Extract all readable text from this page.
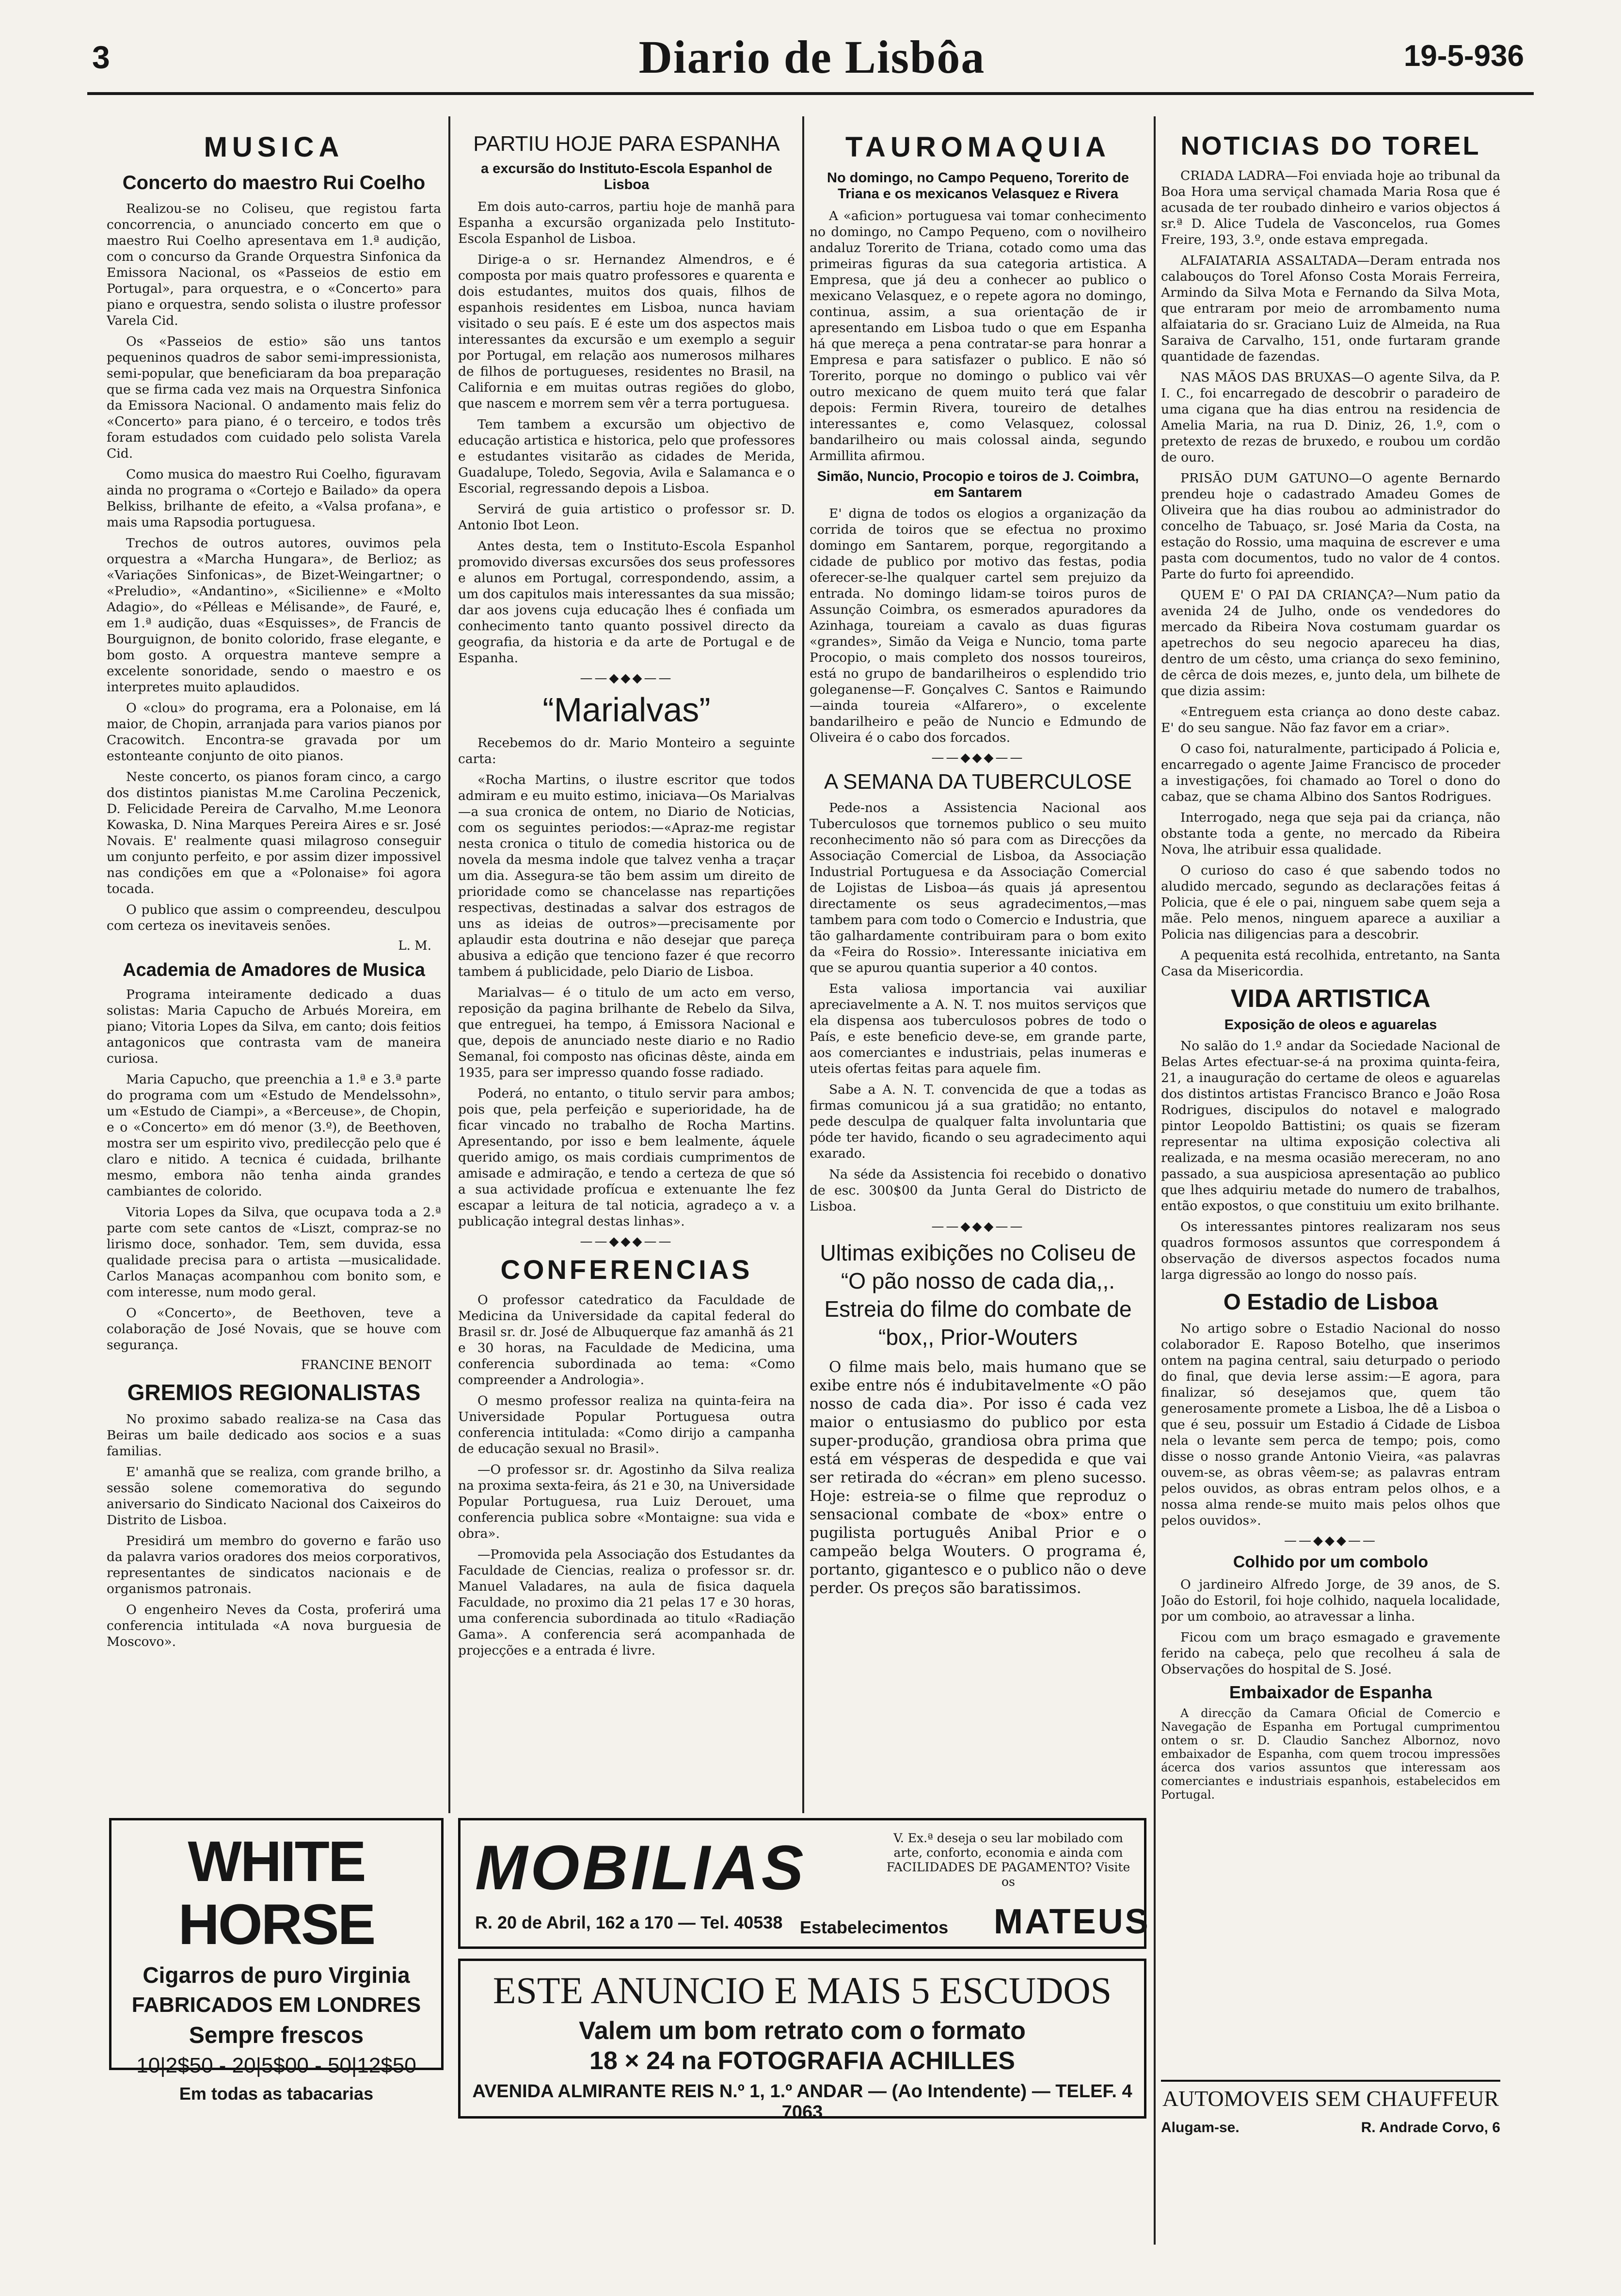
3	Diario de Lisbôa	19-5-936
MUSICA
Concerto do maestro Rui Coelho

Realizou-se no Coliseu, que registou farta concorrencia, o anunciado concerto em que o maestro Rui Coelho apresentava em 1.ª audição, com o concurso da Grande Orquestra Sinfonica da Emissora Nacional, os «Passeios de estio em Portugal», para orquestra, e o «Concerto» para piano e orquestra, sendo solista o ilustre professor Varela Cid.

Os «Passeios de estio» são uns tantos pequeninos quadros de sabor semi-impressionista, semi-popular, que beneficiaram da boa preparação que se firma cada vez mais na Orquestra Sinfonica da Emissora Nacional. O andamento mais feliz do «Concerto» para piano, é o terceiro, e todos três foram estudados com cuidado pelo solista Varela Cid.

Como musica do maestro Rui Coelho, figuravam ainda no programa o «Cortejo e Bailado» da opera Belkiss, brilhante de efeito, a «Valsa profana», e mais uma Rapsodia portuguesa.

Trechos de outros autores, ouvimos pela orquestra a «Marcha Hungara», de Berlioz; as «Variações Sinfonicas», de Bizet-Weingartner; o «Preludio», «Andantino», «Sicilienne» e «Molto Adagio», do «Pélleas e Mélisande», de Fauré, e, em 1.ª audição, duas «Esquisses», de Francis de Bourguignon, de bonito colorido, frase elegante, e bom gosto. A orquestra manteve sempre a excelente sonoridade, sendo o maestro e os interpretes muito aplaudidos.

O «clou» do programa, era a Polonaise, em lá maior, de Chopin, arranjada para varios pianos por Cracowitch. Encontra-se gravada por um estonteante conjunto de oito pianos.

Neste concerto, os pianos foram cinco, a cargo dos distintos pianistas M.me Carolina Peczenick, D. Felicidade Pereira de Carvalho, M.me Leonora Kowaska, D. Nina Marques Pereira Aires e sr. José Novais. E' realmente quasi milagroso conseguir um conjunto perfeito, e por assim dizer impossivel nas condições em que a «Polonaise» foi agora tocada.

O publico que assim o compreendeu, desculpou com certeza os inevitaveis senões.

L. M.
Academia de Amadores de Musica

Programa inteiramente dedicado a duas solistas: Maria Capucho de Arbués Moreira, em piano; Vitoria Lopes da Silva, em canto; dois feitios antagonicos que contrasta vam de maneira curiosa.

Maria Capucho, que preenchia a 1.ª e 3.ª parte do programa com um «Estudo de Mendelssohn», um «Estudo de Ciampi», a «Berceuse», de Chopin, e o «Concerto» em dó menor (3.º), de Beethoven, mostra ser um espirito vivo, predilecção pelo que é claro e nitido. A tecnica é cuidada, brilhante mesmo, embora não tenha ainda grandes cambiantes de colorido.

Vitoria Lopes da Silva, que ocupava toda a 2.ª parte com sete cantos de «Liszt, compraz-se no lirismo doce, sonhador. Tem, sem duvida, essa qualidade precisa para o artista —musicalidade. Carlos Manaças acompanhou com bonito som, e com interesse, num modo geral.

O «Concerto», de Beethoven, teve a colaboração de José Novais, que se houve com segurança.

FRANCINE BENOIT
GREMIOS REGIONALISTAS

No proximo sabado realiza-se na Casa das Beiras um baile dedicado aos socios e a suas familias.

E' amanhã que se realiza, com grande brilho, a sessão solene comemorativa do segundo aniversario do Sindicato Nacional dos Caixeiros do Distrito de Lisboa.

Presidirá um membro do governo e farão uso da palavra varios oradores dos meios corporativos, representantes de sindicatos nacionais e de organismos patronais.

O engenheiro Neves da Costa, proferirá uma conferencia intitulada «A nova burguesia de Moscovo».

PARTIU HOJE PARA ESPANHA
a excursão do Instituto-Escola Espanhol de Lisboa

Em dois auto-carros, partiu hoje de manhã para Espanha a excursão organizada pelo Instituto-Escola Espanhol de Lisboa.

Dirige-a o sr. Hernandez Almendros, e é composta por mais quatro professores e quarenta e dois estudantes, muitos dos quais, filhos de espanhois residentes em Lisboa, nunca haviam visitado o seu país. E é este um dos aspectos mais interessantes da excursão e um exemplo a seguir por Portugal, em relação aos numerosos milhares de filhos de portugueses, residentes no Brasil, na California e em muitas outras regiões do globo, que nascem e morrem sem vêr a terra portuguesa.

Tem tambem a excursão um objectivo de educação artistica e historica, pelo que professores e estudantes visitarão as cidades de Merida, Guadalupe, Toledo, Segovia, Avila e Salamanca e o Escorial, regressando depois a Lisboa.

Servirá de guia artistico o professor sr. D. Antonio Ibot Leon.

Antes desta, tem o Instituto-Escola Espanhol promovido diversas excursões dos seus professores e alunos em Portugal, correspondendo, assim, a um dos capitulos mais interessantes da sua missão; dar aos jovens cuja educação lhes é confiada um conhecimento tanto quanto possivel directo da geografia, da historia e da arte de Portugal e de Espanha.

——◆◆◆——
“Marialvas”

Recebemos do dr. Mario Monteiro a seguinte carta:

«Rocha Martins, o ilustre escritor que todos admiram e eu muito estimo, iniciava—Os Marialvas—a sua cronica de ontem, no Diario de Noticias, com os seguintes periodos:—«Apraz-me registar nesta cronica o titulo de comedia historica ou de novela da mesma indole que talvez venha a traçar um dia. Assegura-se tão bem assim um direito de prioridade como se chancelasse nas repartições respectivas, destinadas a salvar dos estragos de uns as ideias de outros»—precisamente por aplaudir esta doutrina e não desejar que pareça abusiva a edição que tenciono fazer é que recorro tambem á publicidade, pelo Diario de Lisboa.

Marialvas— é o titulo de um acto em verso, reposição da pagina brilhante de Rebelo da Silva, que entreguei, ha tempo, á Emissora Nacional e que, depois de anunciado neste diario e no Radio Semanal, foi composto nas oficinas dêste, ainda em 1935, para ser impresso quando fosse radiado.

Poderá, no entanto, o titulo servir para ambos; pois que, pela perfeição e superioridade, ha de ficar vincado no trabalho de Rocha Martins. Apresentando, por isso e bem lealmente, áquele querido amigo, os mais cordiais cumprimentos de amisade e admiração, e tendo a certeza de que só a sua actividade profícua e extenuante lhe fez escapar a leitura de tal noticia, agradeço a v. a publicação integral destas linhas».

——◆◆◆——
CONFERENCIAS

O professor catedratico da Faculdade de Medicina da Universidade da capital federal do Brasil sr. dr. José de Albuquerque faz amanhã ás 21 e 30 horas, na Faculdade de Medicina, uma conferencia subordinada ao tema: «Como compreender a Andrologia».

O mesmo professor realiza na quinta-feira na Universidade Popular Portuguesa outra conferencia intitulada: «Como dirijo a campanha de educação sexual no Brasil».

—O professor sr. dr. Agostinho da Silva realiza na proxima sexta-feira, ás 21 e 30, na Universidade Popular Portuguesa, rua Luiz Derouet, uma conferencia publica sobre «Montaigne: sua vida e obra».

—Promovida pela Associação dos Estudantes da Faculdade de Ciencias, realiza o professor sr. dr. Manuel Valadares, na aula de fisica daquela Faculdade, no proximo dia 21 pelas 17 e 30 horas, uma conferencia subordinada ao titulo «Radiação Gama». A conferencia será acompanhada de projecções e a entrada é livre.

TAUROMAQUIA
No domingo, no Campo Pequeno, Torerito de Triana e os mexicanos Velasquez e Rivera

A «aficion» portuguesa vai tomar conhecimento no domingo, no Campo Pequeno, com o novilheiro andaluz Torerito de Triana, cotado como uma das primeiras figuras da sua categoria artistica. A Empresa, que já deu a conhecer ao publico o mexicano Velasquez, e o repete agora no domingo, continua, assim, a sua orientação de ir apresentando em Lisboa tudo o que em Espanha há que mereça a pena contratar-se para honrar a Empresa e para satisfazer o publico. E não só Torerito, porque no domingo o publico vai vêr outro mexicano de quem muito terá que falar depois: Fermin Rivera, toureiro de detalhes interessantes e, como Velasquez, colossal bandarilheiro ou mais colossal ainda, segundo Armillita afirmou.

Simão, Nuncio, Procopio e toiros de J. Coimbra, em Santarem

E' digna de todos os elogios a organização da corrida de toiros que se efectua no proximo domingo em Santarem, porque, regorgitando a cidade de publico por motivo das festas, podia oferecer-se-lhe qualquer cartel sem prejuizo da entrada. No domingo lidam-se toiros puros de Assunção Coimbra, os esmerados apuradores da Azinhaga, toureiam a cavalo as duas figuras «grandes», Simão da Veiga e Nuncio, toma parte Procopio, o mais completo dos nossos toureiros, está no grupo de bandarilheiros o esplendido trio goleganense—F. Gonçalves C. Santos e Raimundo—ainda toureia «Alfarero», o excelente bandarilheiro e peão de Nuncio e Edmundo de Oliveira é o cabo dos forcados.

——◆◆◆——
A SEMANA DA TUBERCULOSE

Pede-nos a Assistencia Nacional aos Tuberculosos que tornemos publico o seu muito reconhecimento não só para com as Direcções da Associação Comercial de Lisboa, da Associação Industrial Portuguesa e da Associação Comercial de Lojistas de Lisboa—ás quais já apresentou directamente os seus agradecimentos,—mas tambem para com todo o Comercio e Industria, que tão galhardamente contribuiram para o bom exito da «Feira do Rossio». Interessante iniciativa em que se apurou quantia superior a 40 contos.

Esta valiosa importancia vai auxiliar apreciavelmente a A. N. T. nos muitos serviços que ela dispensa aos tuberculosos pobres de todo o País, e este beneficio deve-se, em grande parte, aos comerciantes e industriais, pelas inumeras e uteis ofertas feitas para aquele fim.

Sabe a A. N. T. convencida de que a todas as firmas comunicou já a sua gratidão; no entanto, pede desculpa de qualquer falta involuntaria que póde ter havido, ficando o seu agradecimento aqui exarado.

Na séde da Assistencia foi recebido o donativo de esc. 300$00 da Junta Geral do Districto de Lisboa.

——◆◆◆——
Ultimas exibições no Coliseu de “O pão nosso de cada dia,,. Estreia do filme do combate de “box,, Prior-Wouters

O filme mais belo, mais humano que se exibe entre nós é indubitavelmente «O pão nosso de cada dia». Por isso é cada vez maior o entusiasmo do publico por esta super-produção, grandiosa obra prima que está em vésperas de despedida e que vai ser retirada do «écran» em pleno sucesso. Hoje: estreia-se o filme que reproduz o sensacional combate de «box» entre o pugilista português Anibal Prior e o campeão belga Wouters. O programa é, portanto, gigantesco e o publico não o deve perder. Os preços são baratissimos.

NOTICIAS DO TOREL

CRIADA LADRA—Foi enviada hoje ao tribunal da Boa Hora uma serviçal chamada Maria Rosa que é acusada de ter roubado dinheiro e varios objectos á sr.ª D. Alice Tudela de Vasconcelos, rua Gomes Freire, 193, 3.º, onde estava empregada.

ALFAIATARIA ASSALTADA—Deram entrada nos calabouços do Torel Afonso Costa Morais Ferreira, Armindo da Silva Mota e Fernando da Silva Mota, que entraram por meio de arrombamento numa alfaiataria do sr. Graciano Luiz de Almeida, na Rua Saraiva de Carvalho, 151, onde furtaram grande quantidade de fazendas.

NAS MÃOS DAS BRUXAS—O agente Silva, da P. I. C., foi encarregado de descobrir o paradeiro de uma cigana que ha dias entrou na residencia de Amelia Maria, na rua D. Diniz, 26, 1.º, com o pretexto de rezas de bruxedo, e roubou um cordão de ouro.

PRISÃO DUM GATUNO—O agente Bernardo prendeu hoje o cadastrado Amadeu Gomes de Oliveira que ha dias roubou ao administrador do concelho de Tabuaço, sr. José Maria da Costa, na estação do Rossio, uma maquina de escrever e uma pasta com documentos, tudo no valor de 4 contos. Parte do furto foi apreendido.

QUEM E' O PAI DA CRIANÇA?—Num patio da avenida 24 de Julho, onde os vendedores do mercado da Ribeira Nova costumam guardar os apetrechos do seu negocio apareceu ha dias, dentro de um cêsto, uma criança do sexo feminino, de cêrca de dois mezes, e, junto dela, um bilhete de que dizia assim:

«Entreguem esta criança ao dono deste cabaz. E' do seu sangue. Não faz favor em a criar».

O caso foi, naturalmente, participado á Policia e, encarregado o agente Jaime Francisco de proceder a investigações, foi chamado ao Torel o dono do cabaz, que se chama Albino dos Santos Rodrigues.

Interrogado, nega que seja pai da criança, não obstante toda a gente, no mercado da Ribeira Nova, lhe atribuir essa qualidade.

O curioso do caso é que sabendo todos no aludido mercado, segundo as declarações feitas á Policia, que é ele o pai, ninguem sabe quem seja a mãe. Pelo menos, ninguem aparece a auxiliar a Policia nas diligencias para a descobrir.

A pequenita está recolhida, entretanto, na Santa Casa da Misericordia.

VIDA ARTISTICA
Exposição de oleos e aguarelas

No salão do 1.º andar da Sociedade Nacional de Belas Artes efectuar-se-á na proxima quinta-feira, 21, a inauguração do certame de oleos e aguarelas dos distintos artistas Francisco Branco e João Rosa Rodrigues, discipulos do notavel e malogrado pintor Leopoldo Battistini; os quais se fizeram representar na ultima exposição colectiva ali realizada, e na mesma ocasião mereceram, no ano passado, a sua auspiciosa apresentação ao publico que lhes adquiriu metade do numero de trabalhos, então expostos, o que constituiu um exito brilhante.

Os interessantes pintores realizaram nos seus quadros formosos assuntos que correspondem á observação de diversos aspectos focados numa larga digressão ao longo do nosso país.

O Estadio de Lisboa

No artigo sobre o Estadio Nacional do nosso colaborador E. Raposo Botelho, que inserimos ontem na pagina central, saiu deturpado o periodo do final, que devia lerse assim:—E agora, para finalizar, só desejamos que, quem tão generosamente promete a Lisboa, lhe dê a Lisboa o que é seu, possuir um Estadio á Cidade de Lisboa nela o levante sem perca de tempo; pois, como disse o nosso grande Antonio Vieira, «as palavras ouvem-se, as obras vêem-se; as palavras entram pelos ouvidos, as obras entram pelos olhos, e a nossa alma rende-se muito mais pelos olhos que pelos ouvidos».

——◆◆◆——
Colhido por um combolo

O jardineiro Alfredo Jorge, de 39 anos, de S. João do Estoril, foi hoje colhido, naquela localidade, por um comboio, ao atravessar a linha.

Ficou com um braço esmagado e gravemente ferido na cabeça, pelo que recolheu á sala de Observações do hospital de S. José.

Embaixador de Espanha

A direcção da Camara Oficial de Comercio e Navegação de Espanha em Portugal cumprimentou ontem o sr. D. Claudio Sanchez Albornoz, novo embaixador de Espanha, com quem trocou impressões ácerca dos varios assuntos que interessam aos comerciantes e industriais espanhois, estabelecidos em Portugal.

WHITE HORSE
Cigarros de puro Virginia
FABRICADOS EM LONDRES
Sempre frescos
10|2$50 - 20|5$00 - 50|12$50
Em todas as tabacarias
MOBILIAS	V. Ex.ª deseja o seu lar mobilado com arte, conforto, economia e ainda com FACILIDADES DE PAGAMENTO? Visite os
R. 20 de Abril, 162 a 170 — Tel. 40538 Estabelecimentos MATEUS
ESTE ANUNCIO E MAIS 5 ESCUDOS
Valem um bom retrato com o formato
18 × 24 na FOTOGRAFIA ACHILLES
AVENIDA ALMIRANTE REIS N.º 1, 1.º ANDAR — (Ao Intendente) — TELEF. 4 7063
AUTOMOVEIS SEM CHAUFFEUR
Alugam-se.	R. Andrade Corvo, 6
